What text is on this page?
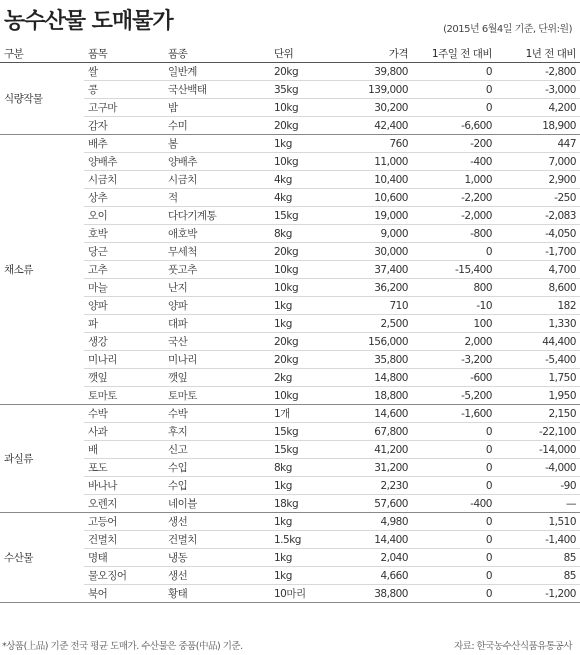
농수산물 도매물가	(2015년 6월4일 기준, 단위:원)
구분	품목	품종	단위	가격	1주일 전 대비	1년 전 대비
식량작물	쌀	일반계	20kg	39,800	0	-2,800
	콩	국산백태	35kg	139,000	0	-3,000
	고구마	밤	10kg	30,200	0	4,200
	감자	수미	20kg	42,400	-6,600	18,900
채소류	배추	봄	1kg	760	-200	447
	양배추	양배추	10kg	11,000	-400	7,000
	시금치	시금치	4kg	10,400	1,000	2,900
	상추	적	4kg	10,600	-2,200	-250
	오이	다다기계통	15kg	19,000	-2,000	-2,083
	호박	애호박	8kg	9,000	-800	-4,050
	당근	무세척	20kg	30,000	0	-1,700
	고추	풋고추	10kg	37,400	-15,400	4,700
	마늘	난지	10kg	36,200	800	8,600
	양파	양파	1kg	710	-10	182
	파	대파	1kg	2,500	100	1,330
	생강	국산	20kg	156,000	2,000	44,400
	미나리	미나리	20kg	35,800	-3,200	-5,400
	깻잎	깻잎	2kg	14,800	-600	1,750
	토마토	토마토	10kg	18,800	-5,200	1,950
과실류	수박	수박	1개	14,600	-1,600	2,150
	사과	후지	15kg	67,800	0	-22,100
	배	신고	15kg	41,200	0	-14,000
	포도	수입	8kg	31,200	0	-4,000
	바나나	수입	1kg	2,230	0	-90
	오렌지	네이블	18kg	57,600	-400	—
수산물	고등어	생선	1kg	4,980	0	1,510
	건멸치	건멸치	1.5kg	14,400	0	-1,400
	명태	냉동	1kg	2,040	0	85
	물오징어	생선	1kg	4,660	0	85
	북어	황태	10마리	38,800	0	-1,200
*상품(上品) 기준 전국 평균 도매가. 수산물은 중품(中品) 기준.	자료: 한국농수산식품유통공사
